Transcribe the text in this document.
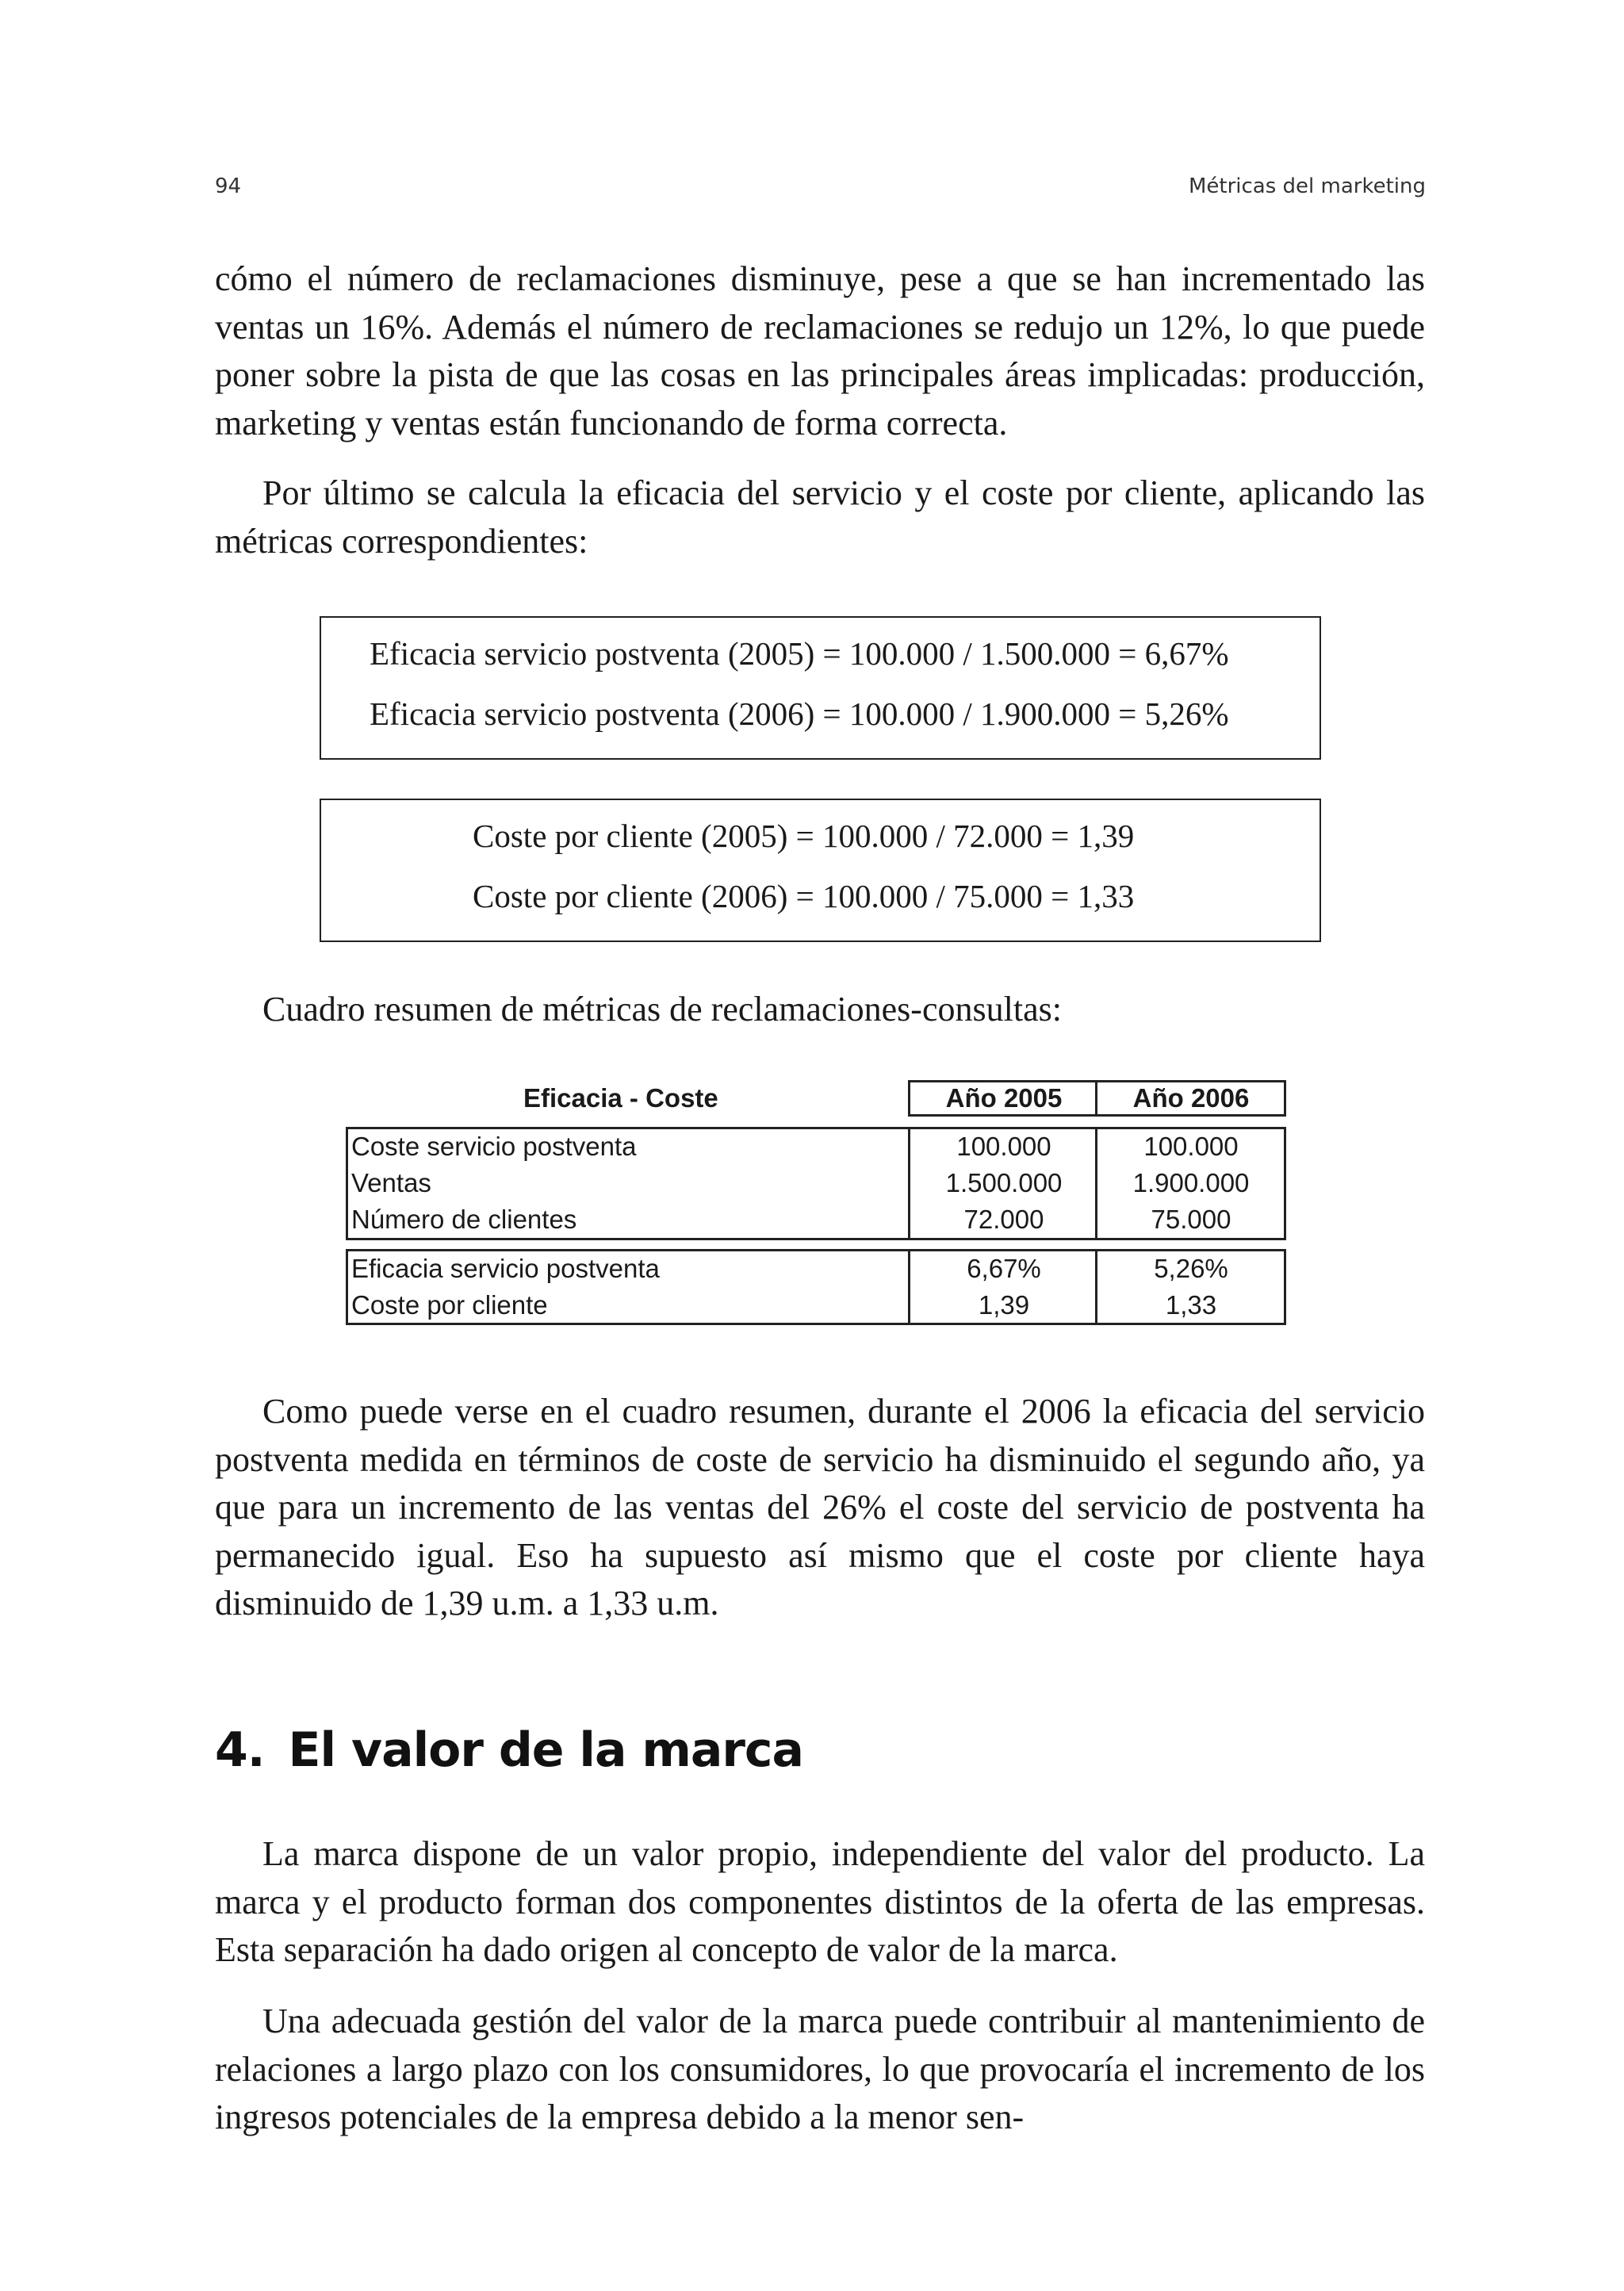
94	Métricas del marketing

cómo el número de reclamaciones disminuye, pese a que se han incrementado las ventas un 16%. Además el número de reclamaciones se redujo un 12%, lo que puede poner sobre la pista de que las cosas en las principales áreas implicadas: producción, marketing y ventas están funcionando de forma correcta.

Por último se calcula la eficacia del servicio y el coste por cliente, aplicando las métricas correspondientes:

Eficacia servicio postventa (2005) = 100.000 / 1.500.000 = 6,67%
Eficacia servicio postventa (2006) = 100.000 / 1.900.000 = 5,26%
Coste por cliente (2005) = 100.000 / 72.000 = 1,39
Coste por cliente (2006) = 100.000 / 75.000 = 1,33

Cuadro resumen de métricas de reclamaciones-consultas:

Eficacia - Coste	Año 2005	Año 2006
Coste servicio postventa	100.000	100.000
Ventas	1.500.000	1.900.000
Número de clientes	72.000	75.000
Eficacia servicio postventa	6,67%	5,26%
Coste por cliente	1,39	1,33

Como puede verse en el cuadro resumen, durante el 2006 la eficacia del servicio postventa medida en términos de coste de servicio ha disminuido el segundo año, ya que para un incremento de las ventas del 26% el coste del servicio de postventa ha permanecido igual. Eso ha supuesto así mismo que el coste por cliente haya disminuido de 1,39 u.m. a 1,33 u.m.

4. El valor de la marca

La marca dispone de un valor propio, independiente del valor del producto. La marca y el producto forman dos componentes distintos de la oferta de las empresas. Esta separación ha dado origen al concepto de valor de la marca.

Una adecuada gestión del valor de la marca puede contribuir al mantenimiento de relaciones a largo plazo con los consumidores, lo que provocaría el incremento de los ingresos potenciales de la empresa debido a la menor sen-
